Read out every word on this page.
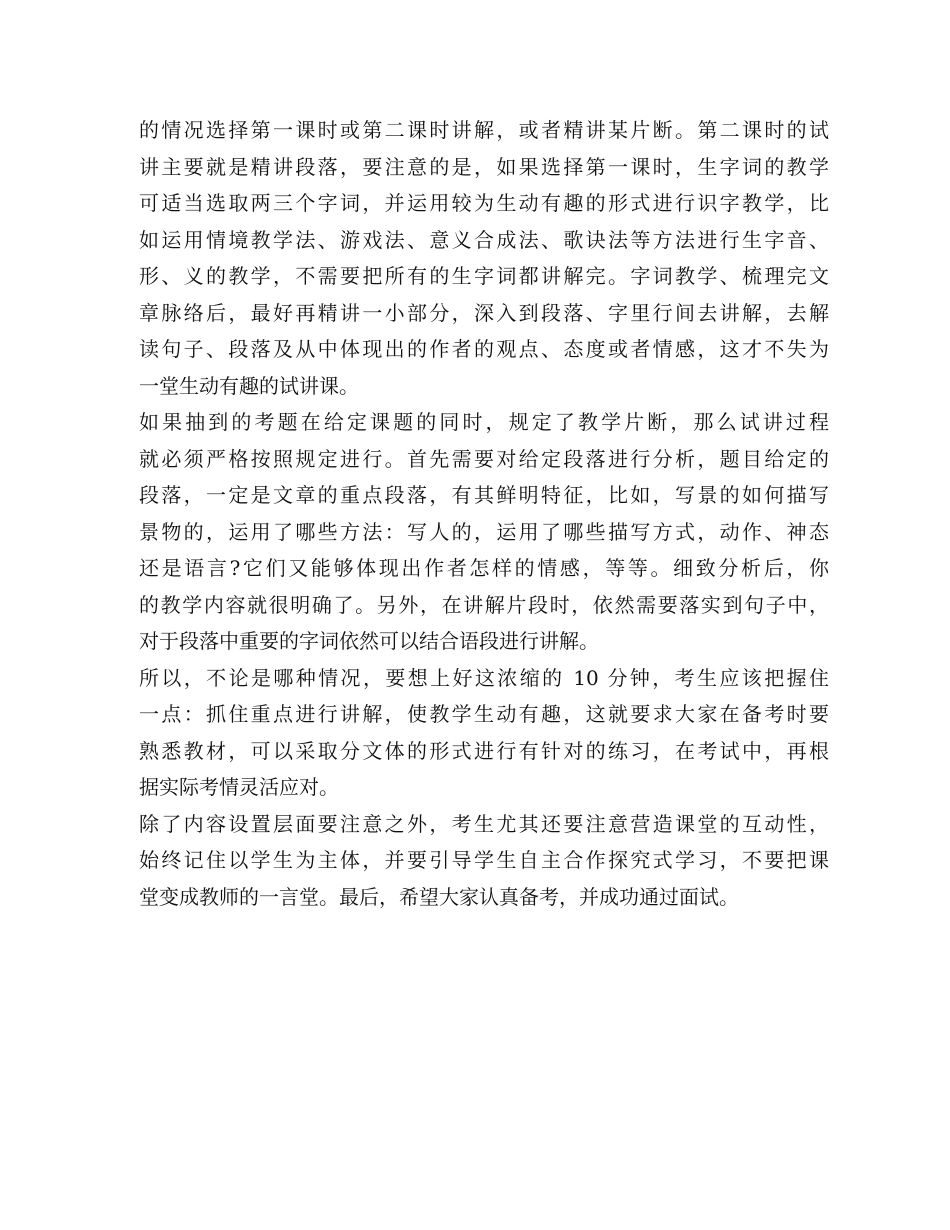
的情况选择第一课时或第二课时讲解，或者精讲某片断。第二课时的试
讲主要就是精讲段落，要注意的是，如果选择第一课时，生字词的教学
可适当选取两三个字词，并运用较为生动有趣的形式进行识字教学，比
如运用情境教学法、游戏法、意义合成法、歌诀法等方法进行生字音、
形、义的教学，不需要把所有的生字词都讲解完。字词教学、梳理完文
章脉络后，最好再精讲一小部分，深入到段落、字里行间去讲解，去解
读句子、段落及从中体现出的作者的观点、态度或者情感，这才不失为
一堂生动有趣的试讲课。
如果抽到的考题在给定课题的同时，规定了教学片断，那么试讲过程
就必须严格按照规定进行。首先需要对给定段落进行分析，题目给定的
段落，一定是文章的重点段落，有其鲜明特征，比如，写景的如何描写
景物的，运用了哪些方法：写人的，运用了哪些描写方式，动作、神态
还是语言?它们又能够体现出作者怎样的情感，等等。细致分析后，你
的教学内容就很明确了。另外，在讲解片段时，依然需要落实到句子中，
对于段落中重要的字词依然可以结合语段进行讲解。
所以，不论是哪种情况，要想上好这浓缩的 10 分钟，考生应该把握住
一点：抓住重点进行讲解，使教学生动有趣，这就要求大家在备考时要
熟悉教材，可以采取分文体的形式进行有针对的练习，在考试中，再根
据实际考情灵活应对。
除了内容设置层面要注意之外，考生尤其还要注意营造课堂的互动性，
始终记住以学生为主体，并要引导学生自主合作探究式学习，不要把课
堂变成教师的一言堂。最后，希望大家认真备考，并成功通过面试。
